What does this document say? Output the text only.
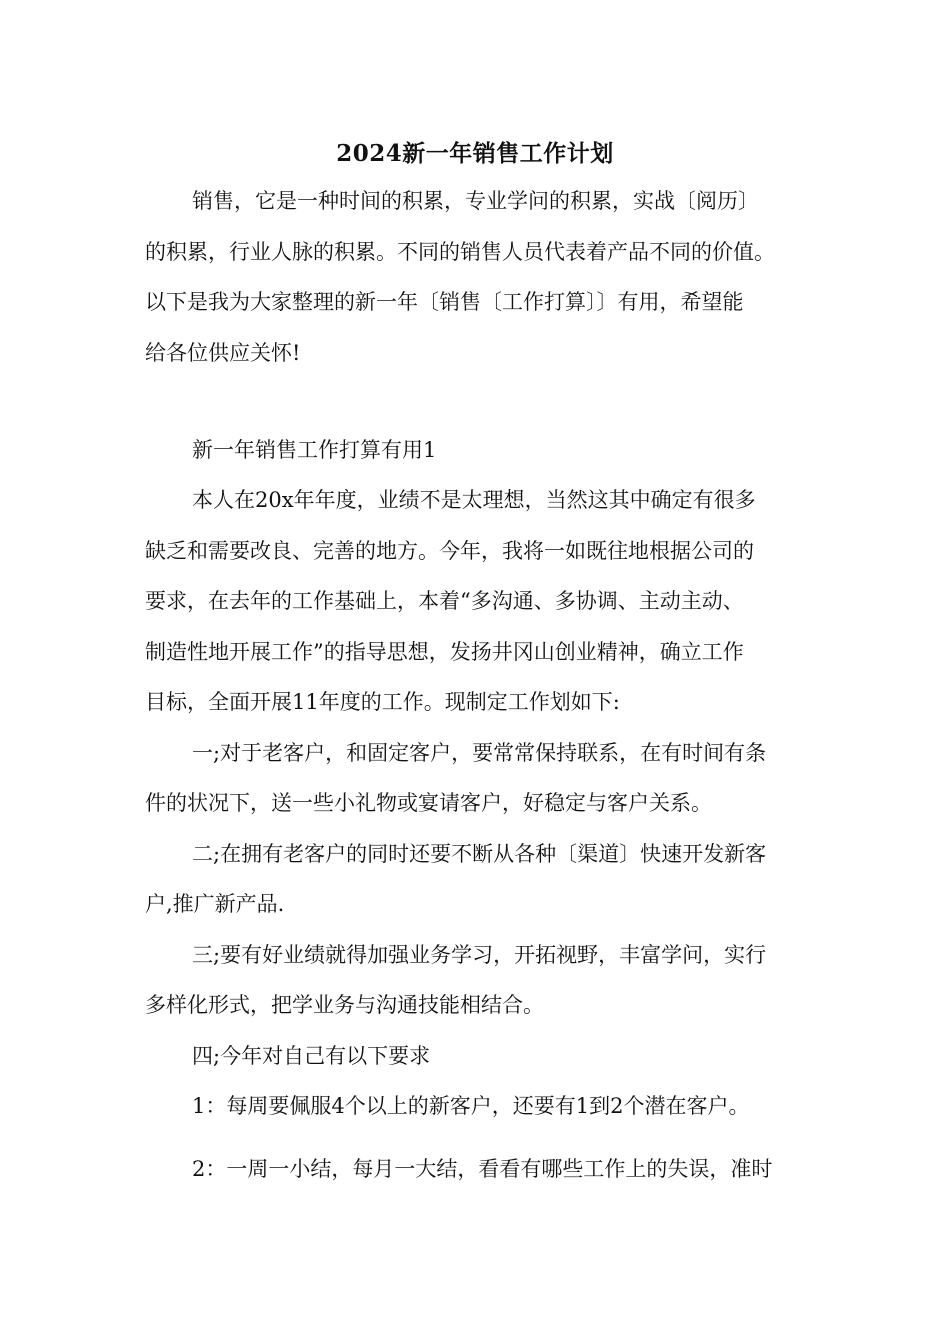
2024新一年销售工作计划
销售，它是一种时间的积累，专业学问的积累，实战〔阅历〕
的积累，行业人脉的积累。不同的销售人员代表着产品不同的价值。
以下是我为大家整理的新一年〔销售〔工作打算〕〕有用，希望能
给各位供应关怀!
新一年销售工作打算有用1
本人在20x年年度，业绩不是太理想，当然这其中确定有很多
缺乏和需要改良、完善的地方。今年，我将一如既往地根据公司的
要求，在去年的工作基础上，本着“多沟通、多协调、主动主动、
制造性地开展工作”的指导思想，发扬井冈山创业精神，确立工作
目标，全面开展11年度的工作。现制定工作划如下:
一;对于老客户，和固定客户，要常常保持联系，在有时间有条
件的状况下，送一些小礼物或宴请客户，好稳定与客户关系。
二;在拥有老客户的同时还要不断从各种〔渠道〕快速开发新客
户,推广新产品.
三;要有好业绩就得加强业务学习，开拓视野，丰富学问，实行
多样化形式，把学业务与沟通技能相结合。
四;今年对自己有以下要求
1：每周要佩服4个以上的新客户，还要有1到2个潜在客户。
2：一周一小结，每月一大结，看看有哪些工作上的失误，准时
